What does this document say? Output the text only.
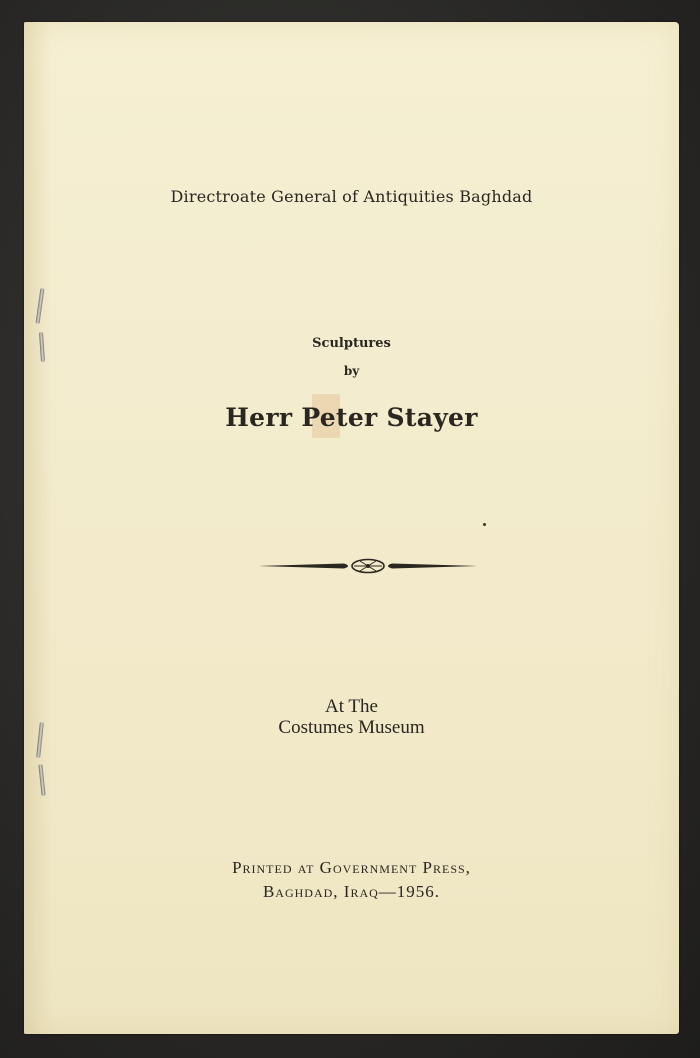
Directroate General of Antiquities Baghdad
Sculptures
by
Herr Peter Stayer
At The
Costumes Museum
Printed at Government Press,
Baghdad, Iraq—1956.
